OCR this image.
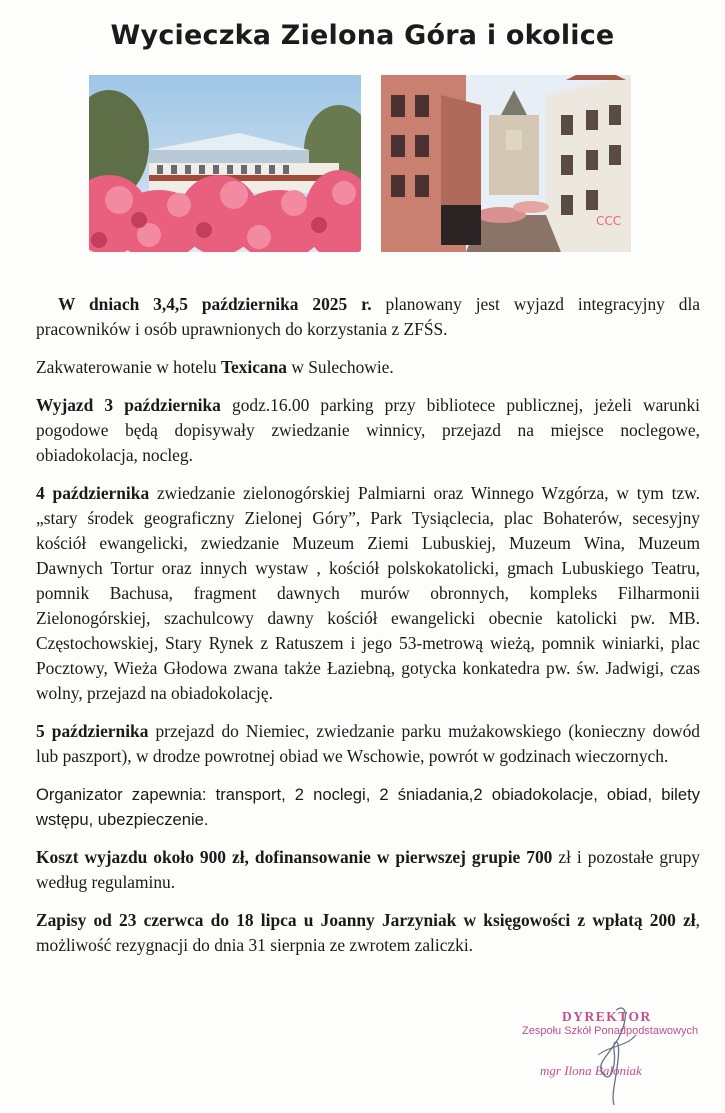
Wycieczka Zielona Góra i okolice
CCC

W dniach 3,4,5 października 2025 r. planowany jest wyjazd integracyjny dla pracowników i osób uprawnionych do korzystania z ZFŚS.

Zakwaterowanie w hotelu Texicana w Sulechowie.

Wyjazd 3 października godz.16.00 parking przy bibliotece publicznej, jeżeli warunki pogodowe będą dopisywały zwiedzanie winnicy, przejazd na miejsce noclegowe, obiadokolacja, nocleg.

4 października zwiedzanie zielonogórskiej Palmiarni oraz Winnego Wzgórza, w tym tzw. „stary środek geograficzny Zielonej Góry”, Park Tysiąclecia, plac Bohaterów, secesyjny kościół ewangelicki, zwiedzanie Muzeum Ziemi Lubuskiej, Muzeum Wina, Muzeum Dawnych Tortur oraz innych wystaw , kościół polskokatolicki, gmach Lubuskiego Teatru, pomnik Bachusa, fragment dawnych murów obronnych, kompleks Filharmonii Zielonogórskiej, szachulcowy dawny kościół ewangelicki obecnie katolicki pw. MB. Częstochowskiej, Stary Rynek z Ratuszem i jego 53-metrową wieżą, pomnik winiarki, plac Pocztowy, Wieża Głodowa zwana także Łaziebną, gotycka konkatedra pw. św. Jadwigi, czas wolny, przejazd na obiadokolację.

5 października przejazd do Niemiec, zwiedzanie parku mużakowskiego (konieczny dowód lub paszport), w drodze powrotnej obiad we Wschowie, powrót w godzinach wieczornych.

Organizator zapewnia: transport, 2 noclegi, 2 śniadania,2 obiadokolacje, obiad, bilety wstępu, ubezpieczenie.

Koszt wyjazdu około 900 zł, dofinansowanie w pierwszej grupie 700 zł i pozostałe grupy według regulaminu.

Zapisy od 23 czerwca do 18 lipca u Joanny Jarzyniak w księgowości z wpłatą 200 zł, możliwość rezygnacji do dnia 31 sierpnia ze zwrotem zaliczki.

DYREKTOR
Zespołu Szkół Ponadpodstawowych
mgr Ilona Baloniak
